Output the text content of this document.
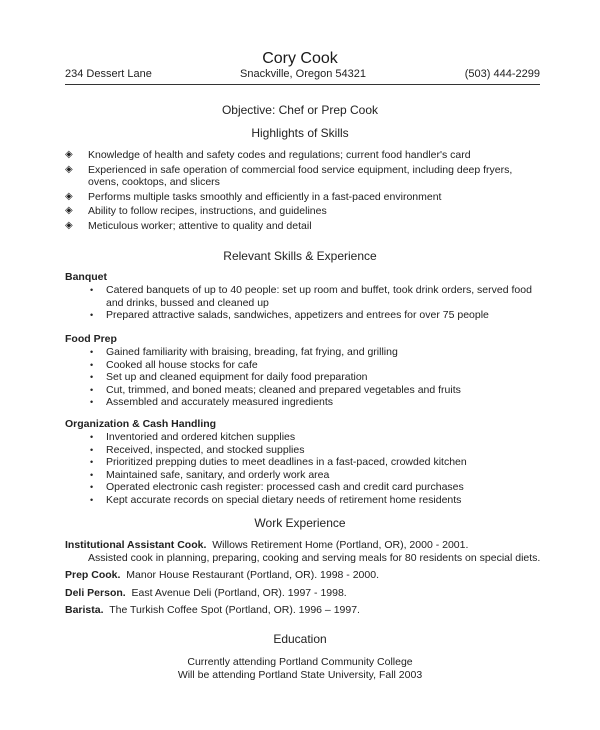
Cory Cook
234 Dessert Lane	Snackville, Oregon 54321	(503) 444-2299
Objective: Chef or Prep Cook
Highlights of Skills
◈ Knowledge of health and safety codes and regulations; current food handler's card
◈ Experienced in safe operation of commercial food service equipment, including deep fryers, ovens, cooktops, and slicers
◈ Performs multiple tasks smoothly and efficiently in a fast-paced environment
◈ Ability to follow recipes, instructions, and guidelines
◈ Meticulous worker; attentive to quality and detail
Relevant Skills & Experience
Banquet
• Catered banquets of up to 40 people: set up room and buffet, took drink orders, served food and drinks, bussed and cleaned up
• Prepared attractive salads, sandwiches, appetizers and entrees for over 75 people
Food Prep
• Gained familiarity with braising, breading, fat frying, and grilling
• Cooked all house stocks for cafe
• Set up and cleaned equipment for daily food preparation
• Cut, trimmed, and boned meats; cleaned and prepared vegetables and fruits
• Assembled and accurately measured ingredients
Organization & Cash Handling
• Inventoried and ordered kitchen supplies
• Received, inspected, and stocked supplies
• Prioritized prepping duties to meet deadlines in a fast-paced, crowded kitchen
• Maintained safe, sanitary, and orderly work area
• Operated electronic cash register: processed cash and credit card purchases
• Kept accurate records on special dietary needs of retirement home residents
Work Experience
Institutional Assistant Cook. Willows Retirement Home (Portland, OR), 2000 - 2001.
Assisted cook in planning, preparing, cooking and serving meals for 80 residents on special diets.
Prep Cook. Manor House Restaurant (Portland, OR). 1998 - 2000.
Deli Person. East Avenue Deli (Portland, OR). 1997 - 1998.
Barista. The Turkish Coffee Spot (Portland, OR). 1996 – 1997.
Education
Currently attending Portland Community College
Will be attending Portland State University, Fall 2003
